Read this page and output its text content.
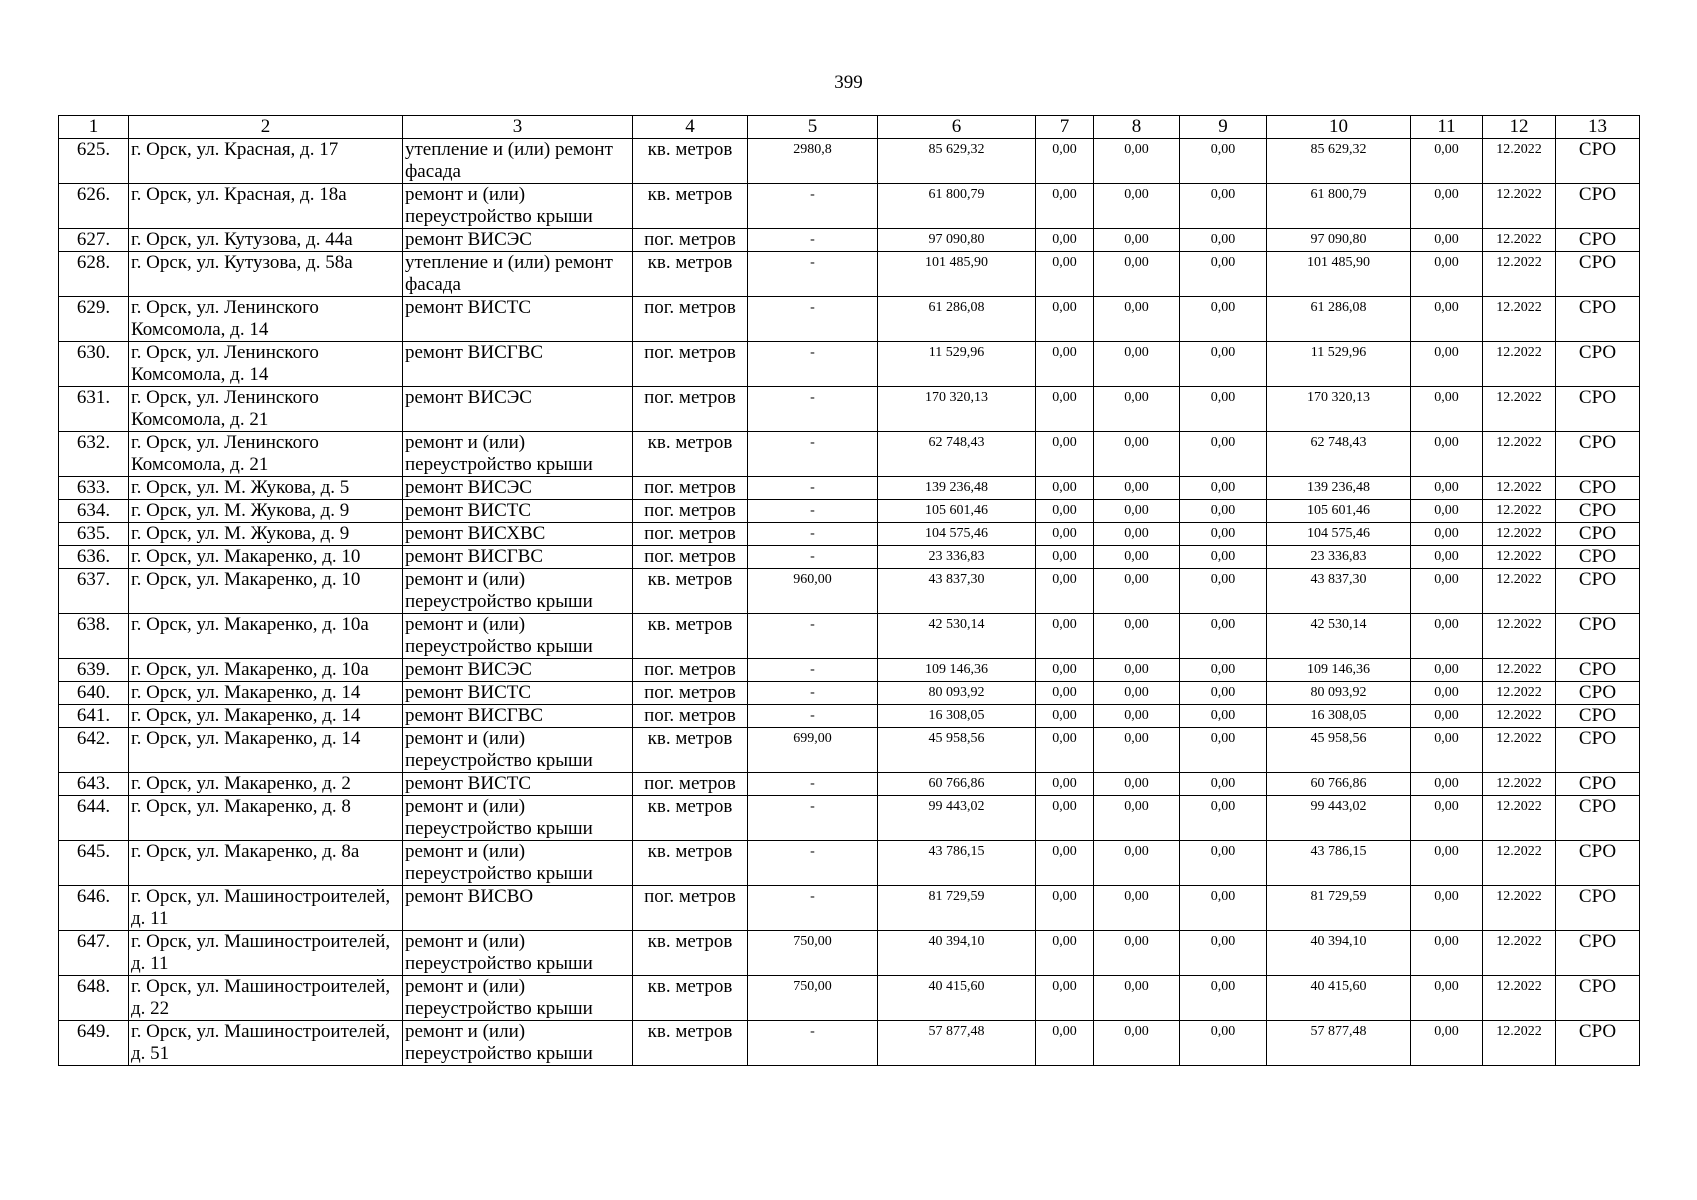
399
1	2	3	4	5	6	7	8	9	10	11	12	13
625.	г. Орск, ул. Красная, д. 17	утепление и (или) ремонт фасада	кв. метров	2980,8	85 629,32	0,00	0,00	0,00	85 629,32	0,00	12.2022	СРО
626.	г. Орск, ул. Красная, д. 18а	ремонт и (или) переустройство крыши	кв. метров	-	61 800,79	0,00	0,00	0,00	61 800,79	0,00	12.2022	СРО
627.	г. Орск, ул. Кутузова, д. 44а	ремонт ВИСЭС	пог. метров	-	97 090,80	0,00	0,00	0,00	97 090,80	0,00	12.2022	СРО
628.	г. Орск, ул. Кутузова, д. 58а	утепление и (или) ремонт фасада	кв. метров	-	101 485,90	0,00	0,00	0,00	101 485,90	0,00	12.2022	СРО
629.	г. Орск, ул. Ленинского Комсомола, д. 14	ремонт ВИСТС	пог. метров	-	61 286,08	0,00	0,00	0,00	61 286,08	0,00	12.2022	СРО
630.	г. Орск, ул. Ленинского Комсомола, д. 14	ремонт ВИСГВС	пог. метров	-	11 529,96	0,00	0,00	0,00	11 529,96	0,00	12.2022	СРО
631.	г. Орск, ул. Ленинского Комсомола, д. 21	ремонт ВИСЭС	пог. метров	-	170 320,13	0,00	0,00	0,00	170 320,13	0,00	12.2022	СРО
632.	г. Орск, ул. Ленинского Комсомола, д. 21	ремонт и (или) переустройство крыши	кв. метров	-	62 748,43	0,00	0,00	0,00	62 748,43	0,00	12.2022	СРО
633.	г. Орск, ул. М. Жукова, д. 5	ремонт ВИСЭС	пог. метров	-	139 236,48	0,00	0,00	0,00	139 236,48	0,00	12.2022	СРО
634.	г. Орск, ул. М. Жукова, д. 9	ремонт ВИСТС	пог. метров	-	105 601,46	0,00	0,00	0,00	105 601,46	0,00	12.2022	СРО
635.	г. Орск, ул. М. Жукова, д. 9	ремонт ВИСХВС	пог. метров	-	104 575,46	0,00	0,00	0,00	104 575,46	0,00	12.2022	СРО
636.	г. Орск, ул. Макаренко, д. 10	ремонт ВИСГВС	пог. метров	-	23 336,83	0,00	0,00	0,00	23 336,83	0,00	12.2022	СРО
637.	г. Орск, ул. Макаренко, д. 10	ремонт и (или) переустройство крыши	кв. метров	960,00	43 837,30	0,00	0,00	0,00	43 837,30	0,00	12.2022	СРО
638.	г. Орск, ул. Макаренко, д. 10а	ремонт и (или) переустройство крыши	кв. метров	-	42 530,14	0,00	0,00	0,00	42 530,14	0,00	12.2022	СРО
639.	г. Орск, ул. Макаренко, д. 10а	ремонт ВИСЭС	пог. метров	-	109 146,36	0,00	0,00	0,00	109 146,36	0,00	12.2022	СРО
640.	г. Орск, ул. Макаренко, д. 14	ремонт ВИСТС	пог. метров	-	80 093,92	0,00	0,00	0,00	80 093,92	0,00	12.2022	СРО
641.	г. Орск, ул. Макаренко, д. 14	ремонт ВИСГВС	пог. метров	-	16 308,05	0,00	0,00	0,00	16 308,05	0,00	12.2022	СРО
642.	г. Орск, ул. Макаренко, д. 14	ремонт и (или) переустройство крыши	кв. метров	699,00	45 958,56	0,00	0,00	0,00	45 958,56	0,00	12.2022	СРО
643.	г. Орск, ул. Макаренко, д. 2	ремонт ВИСТС	пог. метров	-	60 766,86	0,00	0,00	0,00	60 766,86	0,00	12.2022	СРО
644.	г. Орск, ул. Макаренко, д. 8	ремонт и (или) переустройство крыши	кв. метров	-	99 443,02	0,00	0,00	0,00	99 443,02	0,00	12.2022	СРО
645.	г. Орск, ул. Макаренко, д. 8а	ремонт и (или) переустройство крыши	кв. метров	-	43 786,15	0,00	0,00	0,00	43 786,15	0,00	12.2022	СРО
646.	г. Орск, ул. Машиностроителей, д. 11	ремонт ВИСВО	пог. метров	-	81 729,59	0,00	0,00	0,00	81 729,59	0,00	12.2022	СРО
647.	г. Орск, ул. Машиностроителей, д. 11	ремонт и (или) переустройство крыши	кв. метров	750,00	40 394,10	0,00	0,00	0,00	40 394,10	0,00	12.2022	СРО
648.	г. Орск, ул. Машиностроителей, д. 22	ремонт и (или) переустройство крыши	кв. метров	750,00	40 415,60	0,00	0,00	0,00	40 415,60	0,00	12.2022	СРО
649.	г. Орск, ул. Машиностроителей, д. 51	ремонт и (или) переустройство крыши	кв. метров	-	57 877,48	0,00	0,00	0,00	57 877,48	0,00	12.2022	СРО
